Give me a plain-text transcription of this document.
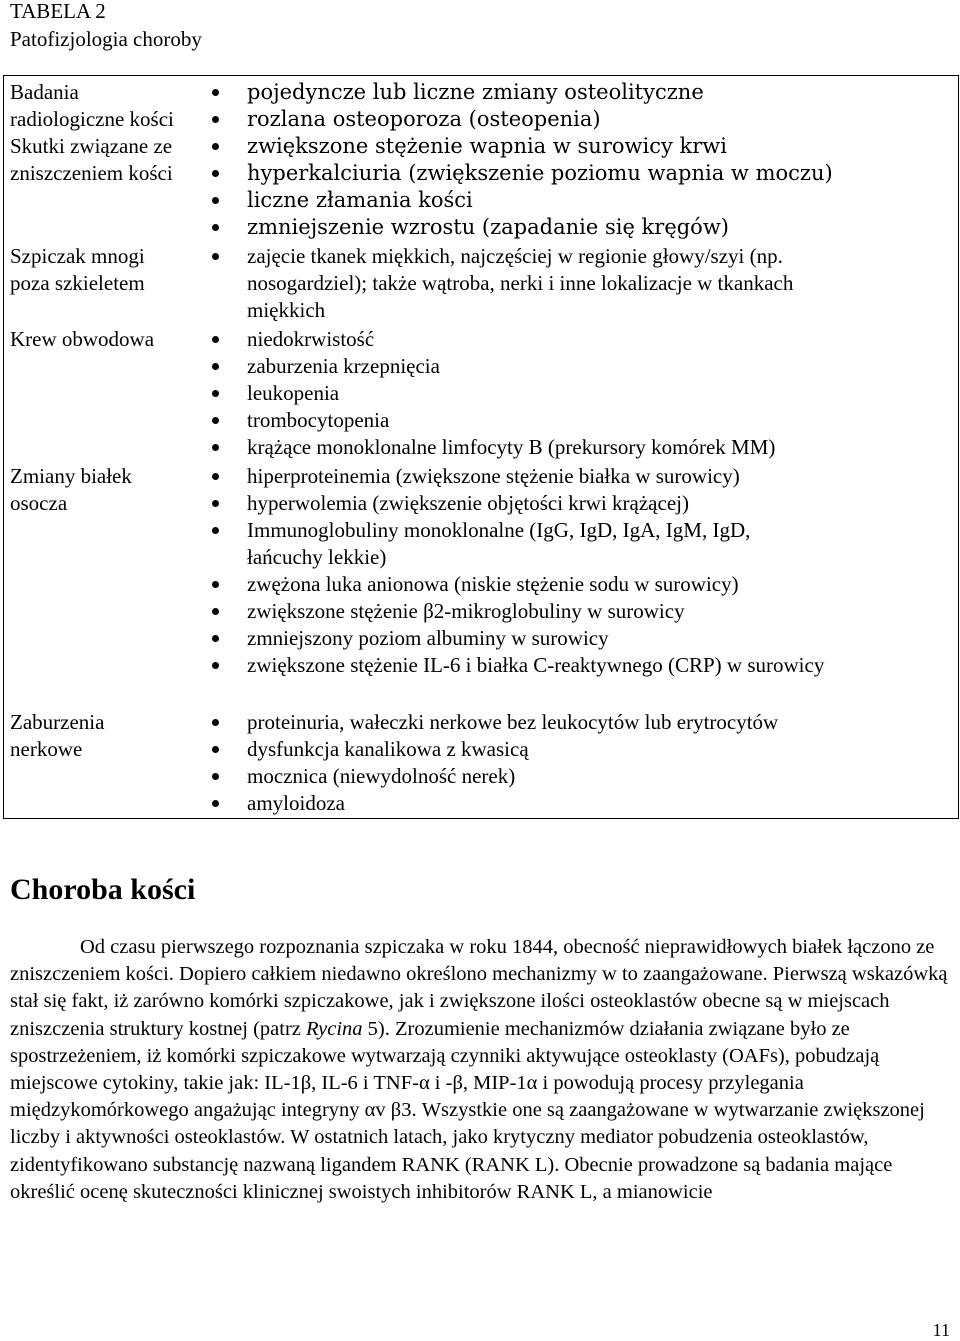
TABELA 2
Patofizjologia choroby
Badania
radiologiczne kości
Skutki związane ze
zniszczeniem kości
pojedyncze lub liczne zmiany osteolityczne
rozlana osteoporoza (osteopenia)
zwiększone stężenie wapnia w surowicy krwi
hyperkalciuria (zwiększenie poziomu wapnia w moczu)
liczne złamania kości
zmniejszenie wzrostu (zapadanie się kręgów)
Szpiczak mnogi
poza szkieletem
zajęcie tkanek miękkich, najczęściej w regionie głowy/szyi (np. nosogardziel); także wątroba, nerki i inne lokalizacje w tkankach miękkich
Krew obwodowa	niedokrwistość
zaburzenia krzepnięcia
leukopenia
trombocytopenia
krążące monoklonalne limfocyty B (prekursory komórek MM)
Zmiany białek
osocza
hiperproteinemia (zwiększone stężenie białka w surowicy)
hyperwolemia (zwiększenie objętości krwi krążącej)
Immunoglobuliny monoklonalne (IgG, IgD, IgA, IgM, IgD, łańcuchy lekkie)
zwężona luka anionowa (niskie stężenie sodu w surowicy)
zwiększone stężenie β2-mikroglobuliny w surowicy
zmniejszony poziom albuminy w surowicy
zwiększone stężenie IL-6 i białka C-reaktywnego (CRP) w surowicy
Zaburzenia
nerkowe
proteinuria, wałeczki nerkowe bez leukocytów lub erytrocytów
dysfunkcja kanalikowa z kwasicą
mocznica (niewydolność nerek)
amyloidoza
Choroba kości

Od czasu pierwszego rozpoznania szpiczaka w roku 1844, obecność nieprawidłowych białek łączono ze zniszczeniem kości. Dopiero całkiem niedawno określono mechanizmy w to zaangażowane. Pierwszą wskazówką stał się fakt, iż zarówno komórki szpiczakowe, jak i zwiększone ilości osteoklastów obecne są w miejscach zniszczenia struktury kostnej (patrz Rycina 5). Zrozumienie mechanizmów działania związane było ze spostrzeżeniem, iż komórki szpiczakowe wytwarzają czynniki aktywujące osteoklasty (OAFs), pobudzają miejscowe cytokiny, takie jak: IL-1β, IL-6 i TNF-α i -β, MIP-1α i powodują procesy przylegania międzykomórkowego angażując integryny αv β3. Wszystkie one są zaangażowane w wytwarzanie zwiększonej liczby i aktywności osteoklastów. W ostatnich latach, jako krytyczny mediator pobudzenia osteoklastów, zidentyfikowano substancję nazwaną ligandem RANK (RANK L). Obecnie prowadzone są badania mające określić ocenę skuteczności klinicznej swoistych inhibitorów RANK L, a mianowicie

11
